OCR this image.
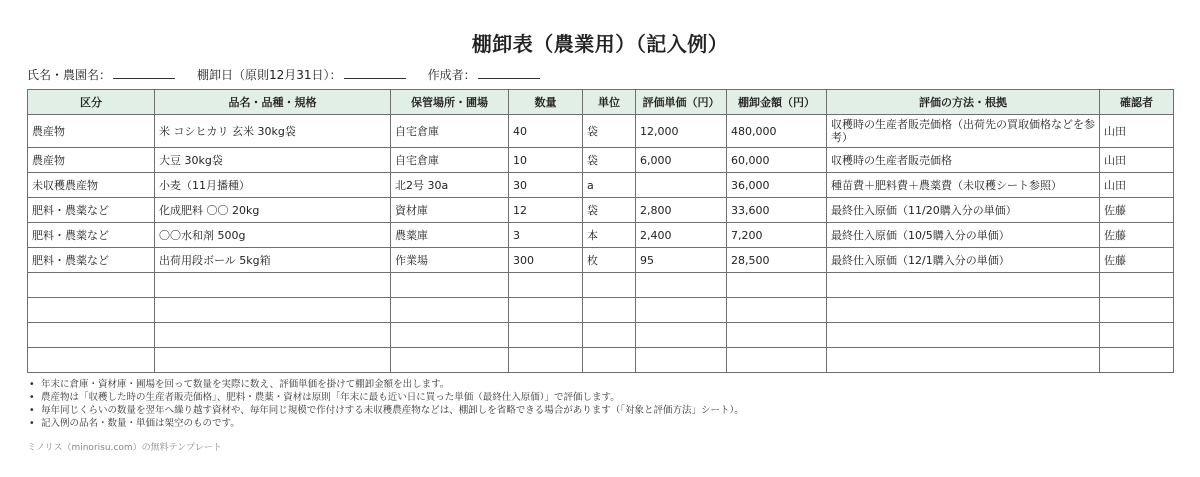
棚卸表（農業用）（記入例）
氏名・農園名：	棚卸日（原則12月31日）：	作成者：
区分	品名・品種・規格	保管場所・圃場	数量	単位	評価単価（円）	棚卸金額（円）	評価の方法・根拠	確認者
農産物	米 コシヒカリ 玄米 30kg袋	自宅倉庫	40	袋	12,000	480,000	収穫時の生産者販売価格（出荷先の買取価格などを参考）	山田
農産物	大豆 30kg袋	自宅倉庫	10	袋	6,000	60,000	収穫時の生産者販売価格	山田
未収穫農産物	小麦（11月播種）	北2号 30a	30	a		36,000	種苗費＋肥料費＋農薬費（未収穫シート参照）	山田
肥料・農薬など	化成肥料 〇〇 20kg	資材庫	12	袋	2,800	33,600	最終仕入原価（11/20購入分の単価）	佐藤
肥料・農薬など	〇〇水和剤 500g	農薬庫	3	本	2,400	7,200	最終仕入原価（10/5購入分の単価）	佐藤
肥料・農薬など	出荷用段ボール 5kg箱	作業場	300	枚	95	28,500	最終仕入原価（12/1購入分の単価）	佐藤

• 年末に倉庫・資材庫・圃場を回って数量を実際に数え、評価単価を掛けて棚卸金額を出します。
• 農産物は「収穫した時の生産者販売価格」、肥料・農薬・資材は原則「年末に最も近い日に買った単価（最終仕入原価）」で評価します。
• 毎年同じくらいの数量を翌年へ繰り越す資材や、毎年同じ規模で作付けする未収穫農産物などは、棚卸しを省略できる場合があります（「対象と評価方法」シート）。
• 記入例の品名・数量・単価は架空のものです。
ミノリス（minorisu.com）の無料テンプレート
